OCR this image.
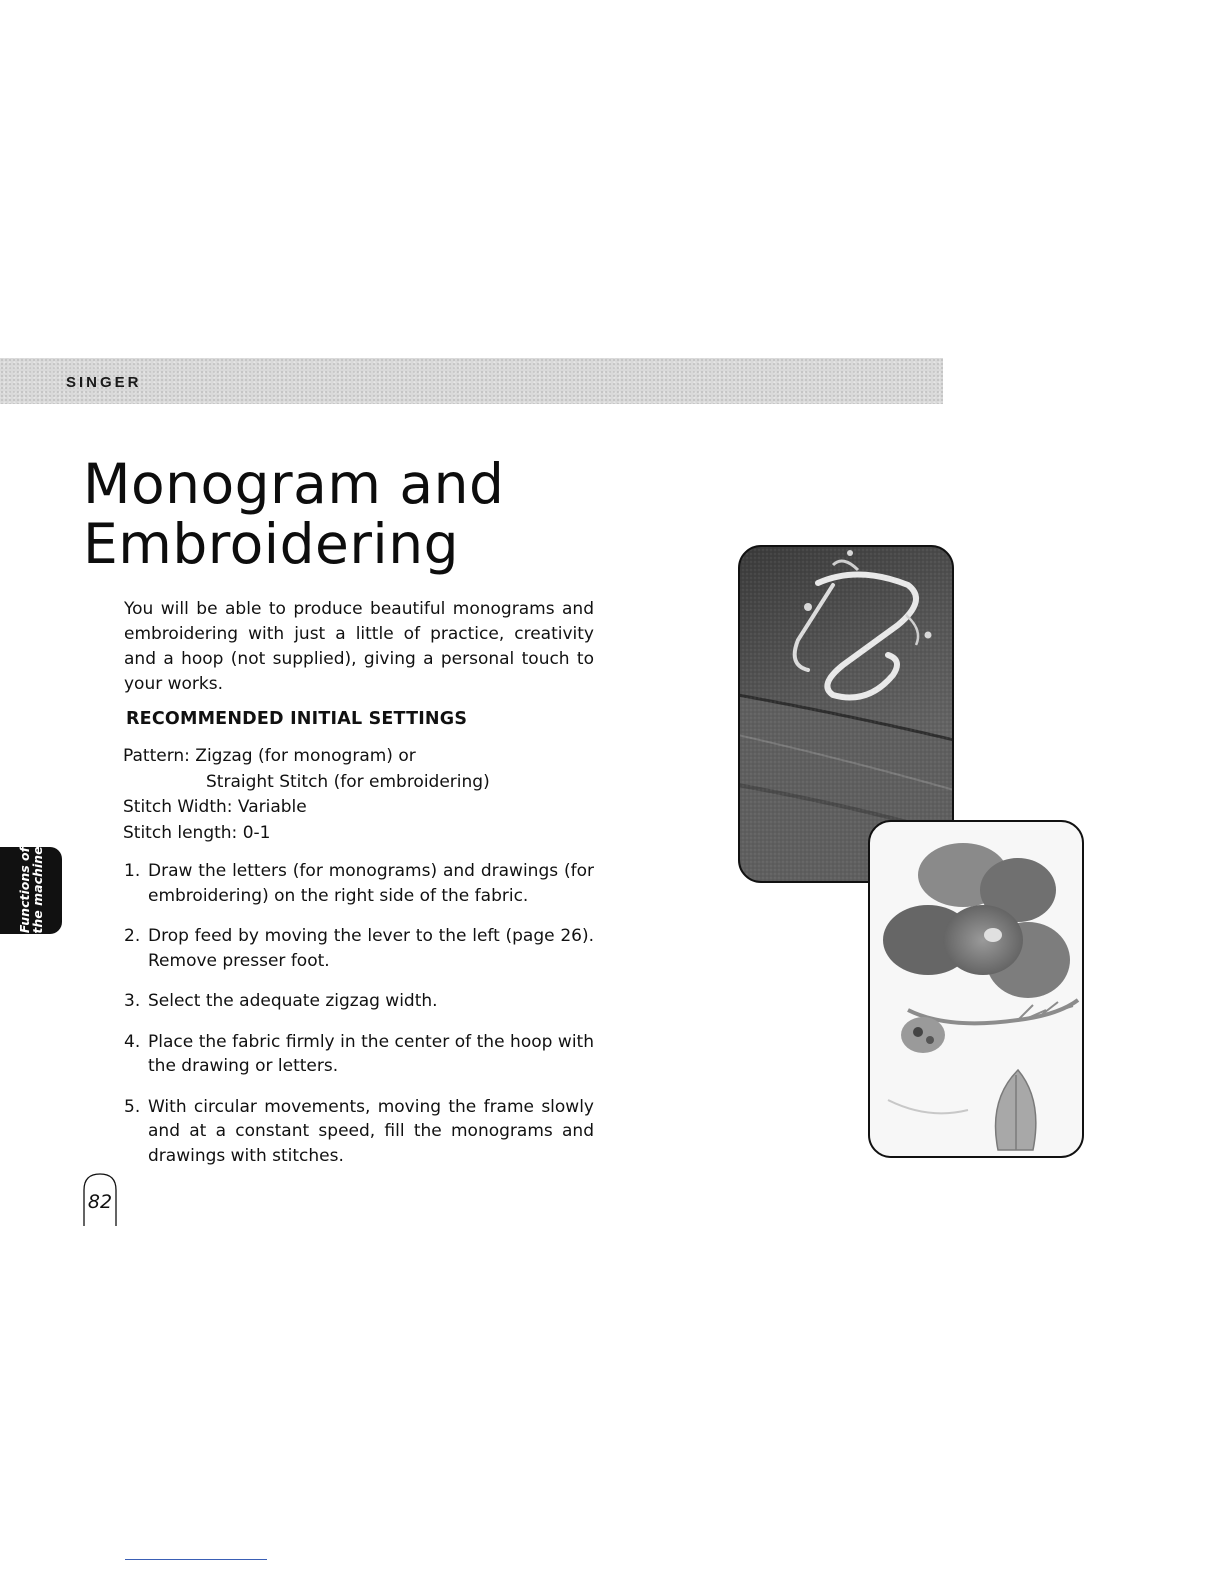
SINGER
Monogram and
Embroidering

You will be able to produce beautiful monograms and embroidering with just a little of practice, creativity and a hoop (not supplied), giving a personal touch to your works.

RECOMMENDED INITIAL SETTINGS
Pattern: Zigzag (for monogram) or
Straight Stitch (for embroidering)
Stitch Width: Variable
Stitch length: 0-1
1. Draw the letters (for monograms) and drawings (for embroidering) on the right side of the fabric.
2. Drop feed by moving the lever to the left (page 26). Remove presser foot.
3. Select the adequate zigzag width.
4. Place the fabric firmly in the center of the hoop with the drawing or letters.
5. With circular movements, moving the frame slowly and at a constant speed, fill the monograms and drawings with stitches.
Functions of
the machine
82
